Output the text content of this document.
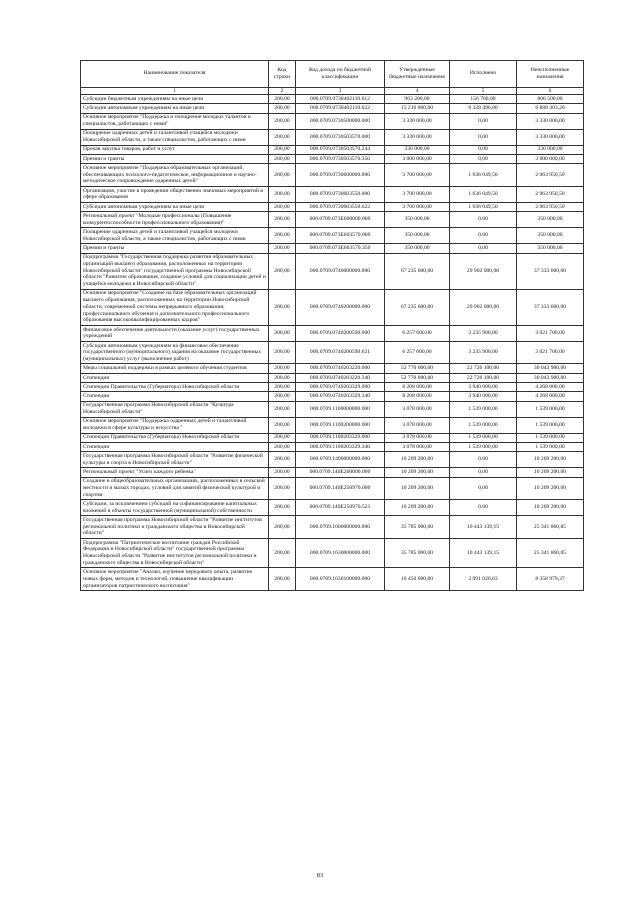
Наименование показателя	Код строки	Код дохода по бюджетной классификации	Утвержденные бюджетные назначения	Исполнено	Неисполненные назначения
1	2	3	4	5	6
Субсидии бюджетным учреждениям на иные цели	200,00	000.0709.0730402110.612	963 200,00	156 700,00	806 500,00
Субсидии автономным учреждениям на иные цели	200,00	000.0709.0730402110.622	15 216 800,00	8 328 496,80	6 888 303,20
Основное мероприятие "Поддержка и поощрение молодых талантов и специалистов, работающих с ними"	200,00	000.0709.0730500000.000	3 330 000,00	0,00	3 330 000,00
Поощрение одаренных детей и талантливой учащейся молодежи Новосибирской области, а также специалистов, работающих с ними	200,00	000.0709.0730503570.000	3 330 000,00	0,00	3 330 000,00
Прочая закупка товаров, работ и услуг	200,00	000.0709.0730503570.244	330 000,00	0,00	330 000,00
Премии и гранты	200,00	000.0709.0730503570.350	3 000 000,00	0,00	3 000 000,00
Основное мероприятие "Поддержка образовательных организаций, обеспечивающих психолого-педагогическое, информационное и научно-методическое сопровождение одаренных детей"	200,00	000.0709.0730600000.000	3 700 000,00	1 636 049,50	2 063 950,50
Организация, участие в проведении общественно значимых мероприятий в сфере образования	200,00	000.0709.0730603550.000	3 700 000,00	1 636 049,50	2 063 950,50
Субсидии автономным учреждениям на иные цели	200,00	000.0709.0730603550.622	3 700 000,00	1 636 049,50	2 063 950,50
Региональный проект "Молодые профессионалы (Повышение конкурентоспособности профессионального образования)"	200,00	000.0709.073E600000.000	350 000,00	0,00	350 000,00
Поощрение одаренных детей и талантливой учащейся молодежи Новосибирской области, а также специалистов, работающих с ними	200,00	000.0709.073E603570.000	350 000,00	0,00	350 000,00
Премии и гранты	200,00	000.0709.073E603570.350	350 000,00	0,00	350 000,00
Подпрограмма "Государственная поддержка развития образовательных организаций высшего образования, расположенных на территории Новосибирской области" государственной программы Новосибирской области "Развитие образования, создание условий для социализации детей и учащейся молодежи в Новосибирской области"	200,00	000.0709.0740000000.000	67 235 600,00	29 902 000,00	37 333 600,00
Основное мероприятие "Создание на базе образовательных организаций высшего образования, расположенных на территории Новосибирской области, современной системы непрерывного образования, профессионального обучения и дополнительного профессионального образования высококвалифицированных кадров"	200,00	000.0709.0740200000.000	67 235 600,00	29 902 000,00	37 333 600,00
Финансовое обеспечение деятельности (оказание услуг) государственных учреждений	200,00	000.0709.0740200590.000	6 257 600,00	3 235 900,00	3 021 700,00
Субсидии автономным учреждениям на финансовое обеспечение государственного (муниципального) задания на оказание государственных (муниципальных) услуг (выполнение работ)	200,00	000.0709.0740200590.621	6 257 600,00	3 235 900,00	3 021 700,00
Меры социальной поддержки в рамках целевого обучения студентов	200,00	000.0709.0740203220.000	52 770 000,00	22 726 100,00	30 043 900,00
Стипендии	200,00	000.0709.0740203220.340	52 770 000,00	22 726 100,00	30 043 900,00
Стипендии Правительства (Губернатора) Новосибирской области	200,00	000.0709.0740203329.000	8 208 000,00	3 940 000,00	4 268 000,00
Стипендии	200,00	000.0709.0740203329.340	8 208 000,00	3 940 000,00	4 268 000,00
Государственная программа Новосибирской области "Культура Новосибирской области"	200,00	000.0709.1100000000.000	3 078 000,00	1 539 000,00	1 539 000,00
Основное мероприятие "Поддержка одаренных детей и талантливой молодежи в сфере культуры и искусства "	200,00	000.0709.1100200000.000	3 078 000,00	1 539 000,00	1 539 000,00
Стипендии Правительства (Губернатора) Новосибирской области	200,00	000.0709.1100203329.000	3 078 000,00	1 539 000,00	1 539 000,00
Стипендии	200,00	000.0709.1100203329.340	3 078 000,00	1 539 000,00	1 539 000,00
Государственная программа Новосибирской области "Развитие физической культуры и спорта в Новосибирской области"	200,00	000.0709.1400000000.000	10 209 200,00	0,00	10 209 200,00
Региональный проект "Успех каждого ребенка"	200,00	000.0709.140E200000.000	10 209 200,00	0,00	10 209 200,00
Создание в общеобразовательных организациях, расположенных в сельской местности и малых городах, условий для занятий физической культурой и спортом	200,00	000.0709.140E250970.000	10 209 200,00	0,00	10 209 200,00
Субсидии, за исключением субсидий на софинансирование капитальных вложений в объекты государственной (муниципальной) собственности	200,00	000.0709.140E250970.521	10 209 200,00	0,00	10 209 200,00
Государственная программа Новосибирской области "Развитие институтов региональной политики и гражданского общества в Новосибирской области"	200,00	000.0709.1600000000.000	35 785 000,00	10 443 139,15	25 341 860,85
Подпрограмма "Патриотическое воспитание граждан Российской Федерации в Новосибирской области" государственной программы Новосибирской области "Развитие институтов региональной политики и гражданского общества в Новосибирской области"	200,00	000.0709.1630000000.000	35 785 000,00	10 443 139,15	25 341 860,85
Основное мероприятие "Анализ, изучение передового опыта, развитие новых форм, методов и технологий, повышение квалификации организаторов патриотического воспитания"	200,00	000.0709.1630100000.000	10 450 000,00	2 091 020,63	8 358 979,37
83
